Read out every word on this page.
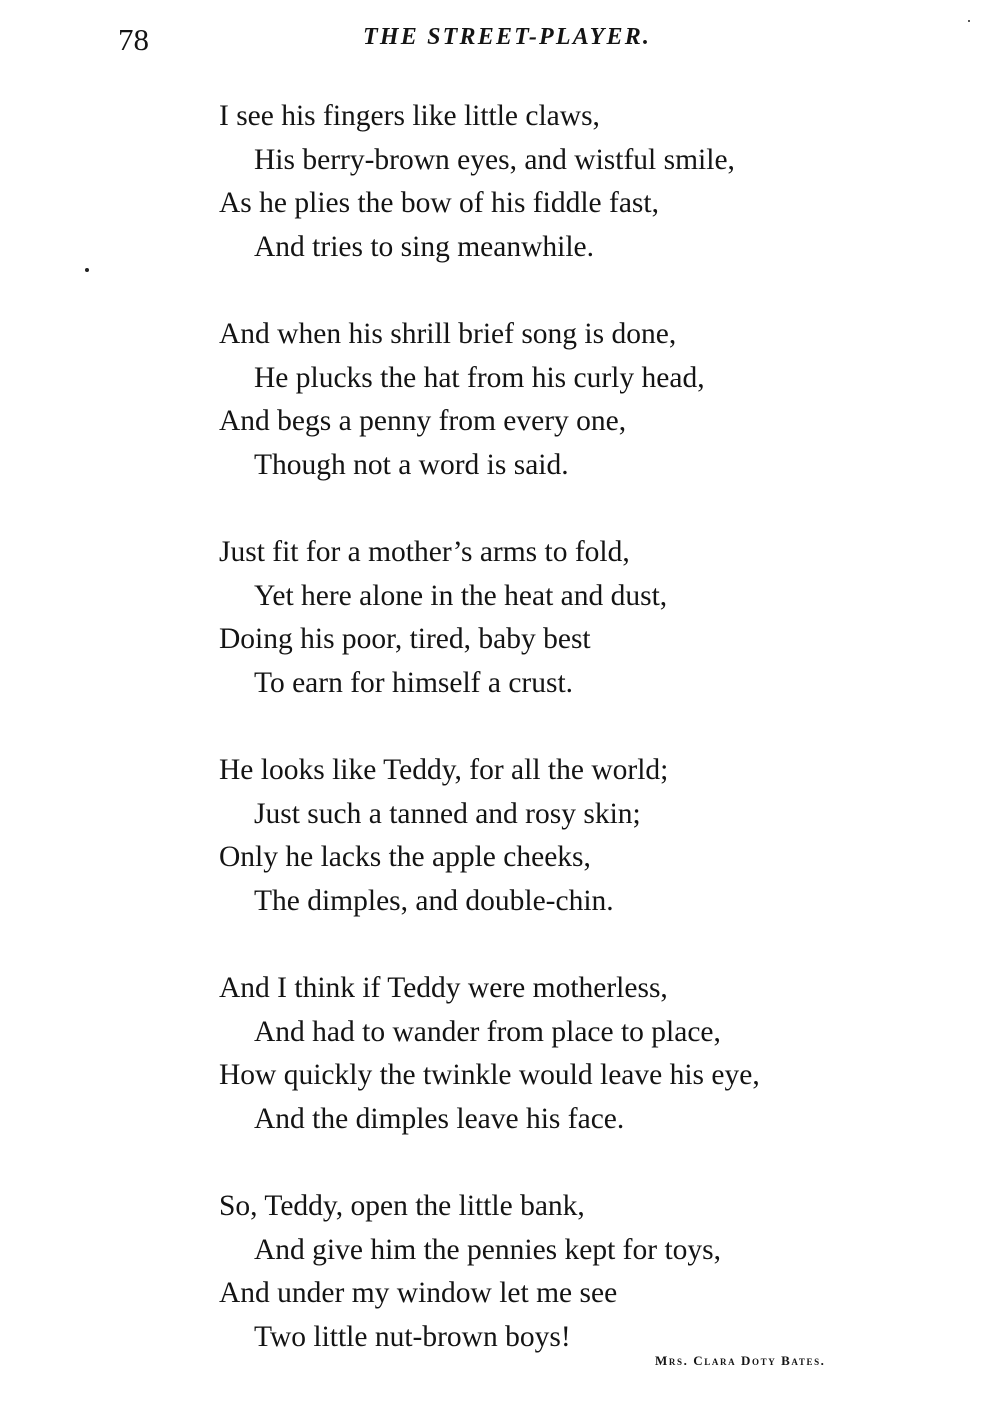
78	THE STREET-PLAYER.
I see his fingers like little claws,
His berry-brown eyes, and wistful smile,
As he plies the bow of his fiddle fast,
And tries to sing meanwhile.
And when his shrill brief song is done,
He plucks the hat from his curly head,
And begs a penny from every one,
Though not a word is said.
Just fit for a mother’s arms to fold,
Yet here alone in the heat and dust,
Doing his poor, tired, baby best
To earn for himself a crust.
He looks like Teddy, for all the world;
Just such a tanned and rosy skin;
Only he lacks the apple cheeks,
The dimples, and double-chin.
And I think if Teddy were motherless,
And had to wander from place to place,
How quickly the twinkle would leave his eye,
And the dimples leave his face.
So, Teddy, open the little bank,
And give him the pennies kept for toys,
And under my window let me see
Two little nut-brown boys!
Mrs. Clara Doty Bates.
